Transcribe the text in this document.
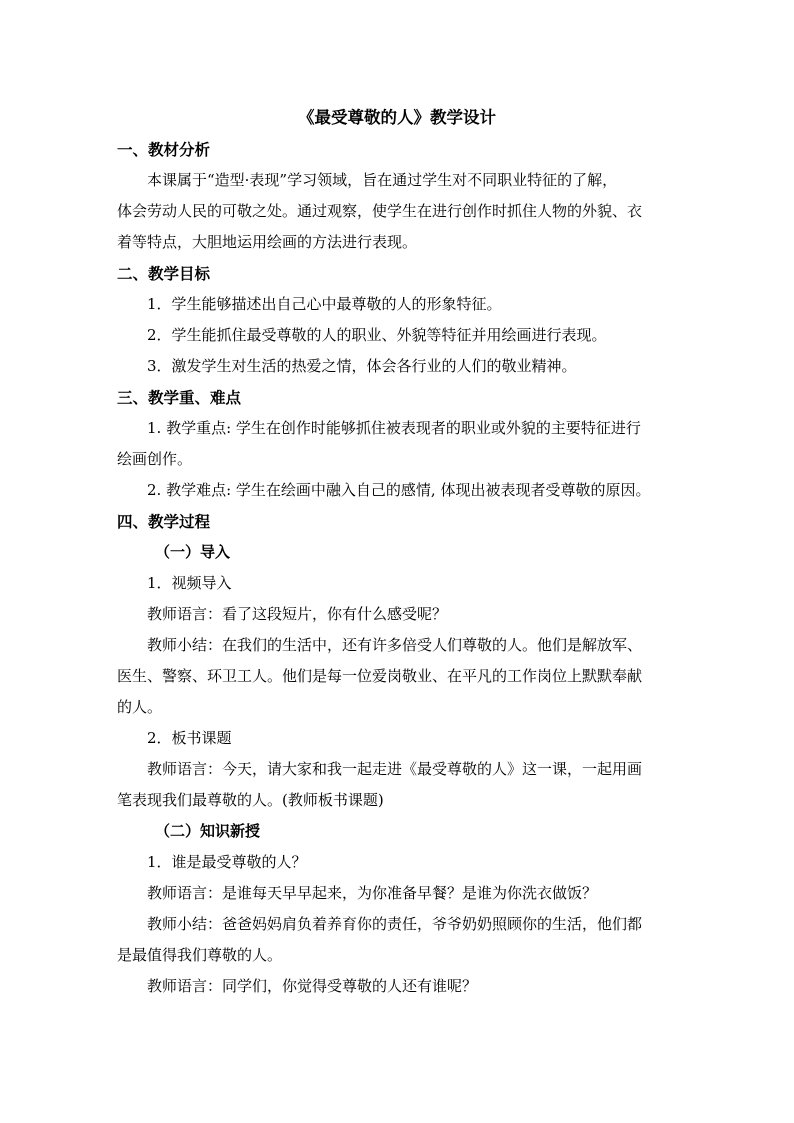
《最受尊敬的人》教学设计
一、教材分析
本课属于“造型·表现”学习领域，旨在通过学生对不同职业特征的了解，
体会劳动人民的可敬之处。通过观察，使学生在进行创作时抓住人物的外貌、衣
着等特点，大胆地运用绘画的方法进行表现。
二、教学目标
1．学生能够描述出自己心中最尊敬的人的形象特征。
2．学生能抓住最受尊敬的人的职业、外貌等特征并用绘画进行表现。
3．激发学生对生活的热爱之情，体会各行业的人们的敬业精神。
三、教学重、难点
1. 教学重点: 学生在创作时能够抓住被表现者的职业或外貌的主要特征进行
绘画创作。
2. 教学难点: 学生在绘画中融入自己的感情, 体现出被表现者受尊敬的原因。
四、教学过程
（一）导入
1．视频导入
教师语言：看了这段短片，你有什么感受呢？
教师小结：在我们的生活中，还有许多倍受人们尊敬的人。他们是解放军、
医生、警察、环卫工人。他们是每一位爱岗敬业、在平凡的工作岗位上默默奉献
的人。
2．板书课题
教师语言：今天，请大家和我一起走进《最受尊敬的人》这一课，一起用画
笔表现我们最尊敬的人。(教师板书课题)
（二）知识新授
1．谁是最受尊敬的人？
教师语言：是谁每天早早起来，为你准备早餐？是谁为你洗衣做饭？
教师小结：爸爸妈妈肩负着养育你的责任，爷爷奶奶照顾你的生活，他们都
是最值得我们尊敬的人。
教师语言：同学们，你觉得受尊敬的人还有谁呢？
